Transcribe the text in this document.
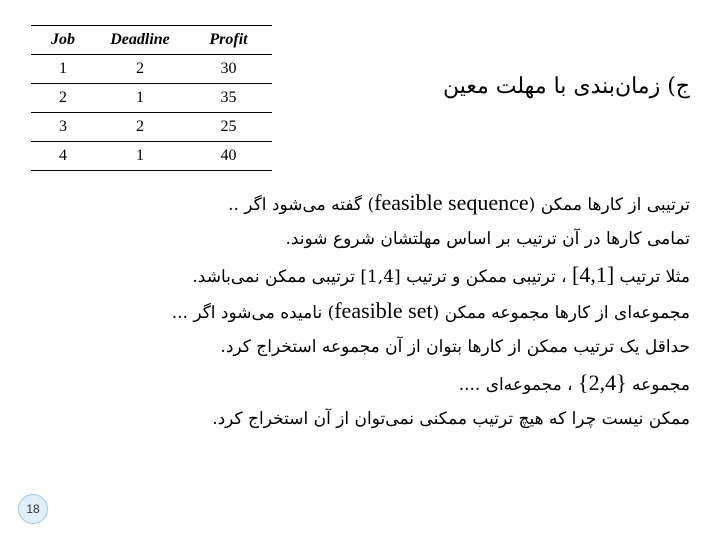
Job	Deadline	Profit
1	2	30
2	1	35
3	2	25
4	1	40
ج) زمان‌بندی با مهلت معین
ترتیبی از کارها ممکن (feasible sequence) گفته می‌شود اگر ..
تمامی کارها در آن ترتیب بر اساس مهلتشان شروع شوند.
مثلا ترتیب [4,1] ، ترتیبی ممکن و ترتیب [1,4] ترتیبی ممکن نمی‌باشد.
مجموعه‌ای از کارها مجموعه ممکن (feasible set) نامیده می‌شود اگر ...
حداقل یک ترتیب ممکن از کارها بتوان از آن مجموعه استخراج کرد.
مجموعه {2,4} ، مجموعه‌ای ....
ممکن نیست چرا که هیچ ترتیب ممکنی نمی‌توان از آن استخراج کرد.
18
